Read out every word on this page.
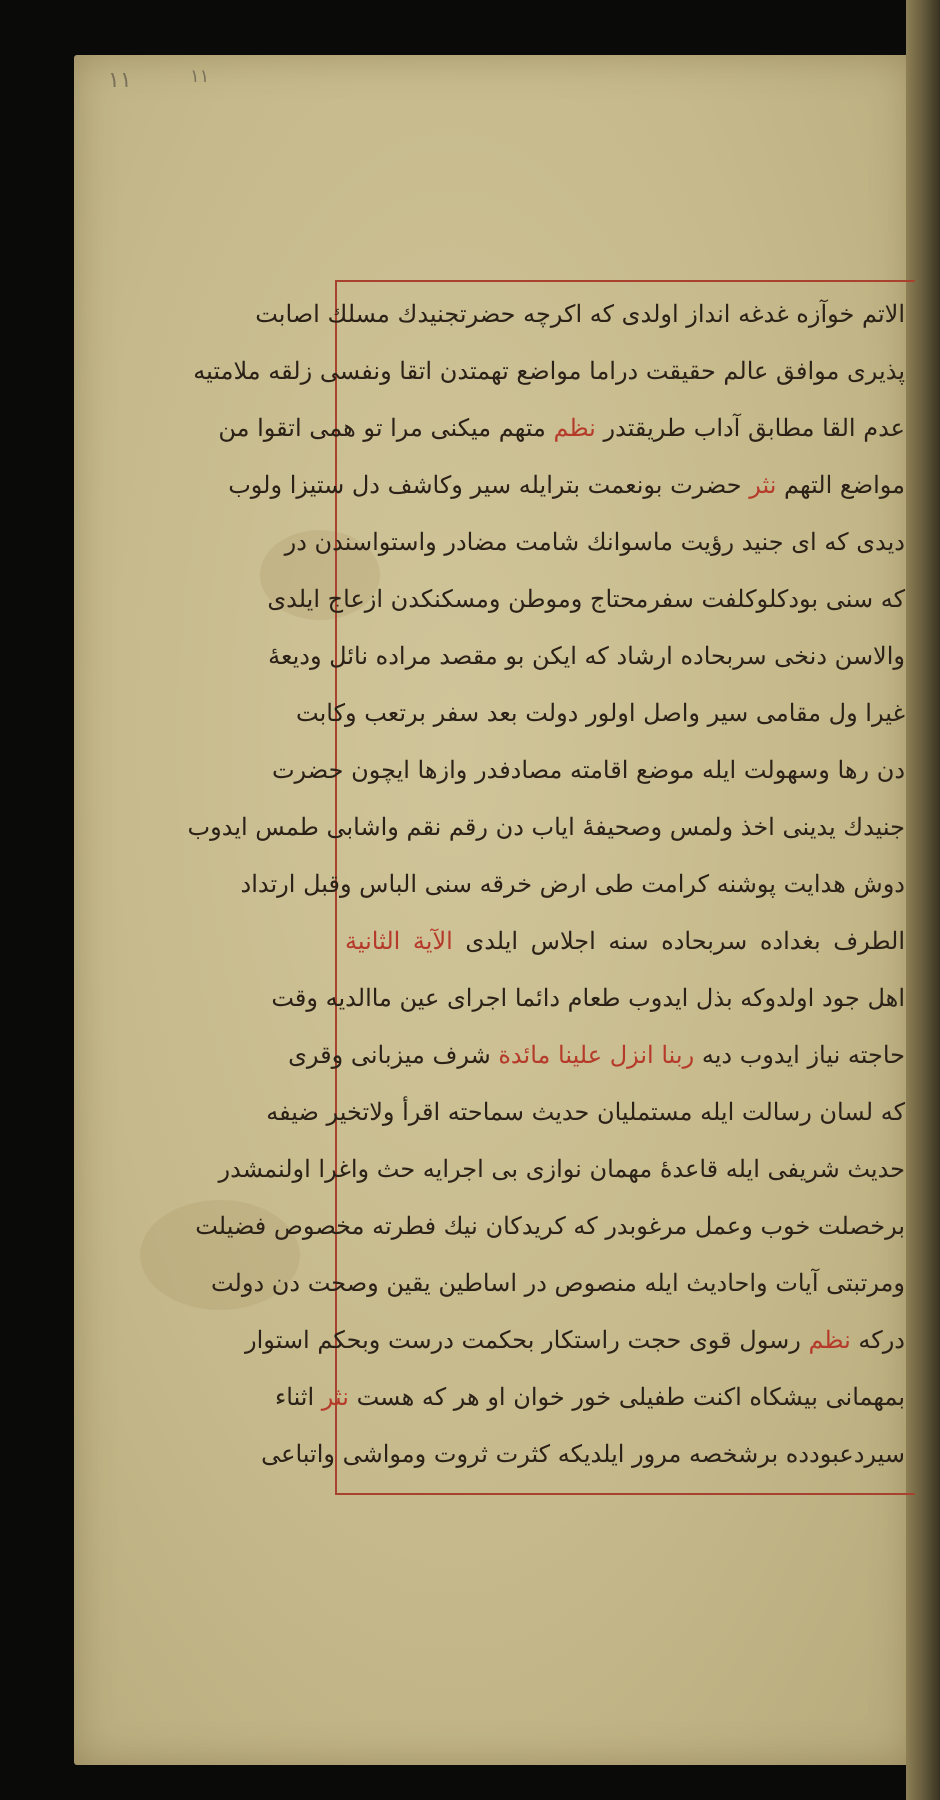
۱۱	۱۱
الاتم خوآزه غدغه انداز اولدی که اکرچه حضرتجنیدك مسلك اصابت
پذیری موافق عالم حقیقت دراما مواضع تهمتدن اتقا ونفسی زلقه ملامتیه
عدم القا مطابق آداب طریقتدر نظم متهم میکنی مرا تو همی اتقوا من
مواضع التهم نثر حضرت بونعمت بترایله سیر وکاشف دل ستیزا ولوب
دیدی که ای جنید رؤیت ماسوانك شامت مضادر واستواسندن در
که سنی بودکلوکلفت سفرمحتاج وموطن ومسکنکدن ازعاج ایلدی
والاسن دنخی سربحاده ارشاد که ایکن بو مقصد مراده نائل ودیعهٔ
غیرا ول مقامی سیر واصل اولور دولت بعد سفر برتعب وکابت
دن رها وسهولت ایله موضع اقامته مصادفدر وازها ایچون حضرت
جنیدك یدینی اخذ ولمس وصحیفهٔ ایاب دن رقم نقم واشابی طمس ایدوب
دوش هدایت پوشنه کرامت طی ارض خرقه سنی الباس وقبل ارتداد
الطرف بغداده سربحاده سنه اجلاس ایلدی الآیة الثانیة
اهل جود اولدوکه بذل ایدوب طعام دائما اجرای عین ماالدیه وقت
حاجته نیاز ایدوب دیه ربنا انزل علینا مائدة شرف میزبانی وقری
که لسان رسالت ایله مستملیان حدیث سماحته اقرأ ولاتخیر ضیفه
حدیث شریفی ایله قاعدهٔ مهمان نوازی بی اجرایه حث واغرا اولنمشدر
برخصلت خوب وعمل مرغوبدر که کریدکان نیك فطرته مخصوص فضیلت
ومرتبتی آیات واحادیث ایله منصوص در اساطین یقین وصحت دن دولت
درکه نظم رسول قوی حجت راستکار بحکمت درست وبحکم استوار
بمهمانی بیشکاه اکنت طفیلی خور خوان او هر که هست نثر اثناء
سیردعبودده برشخصه مرور ایلدیکه کثرت ثروت ومواشی واتباعی
